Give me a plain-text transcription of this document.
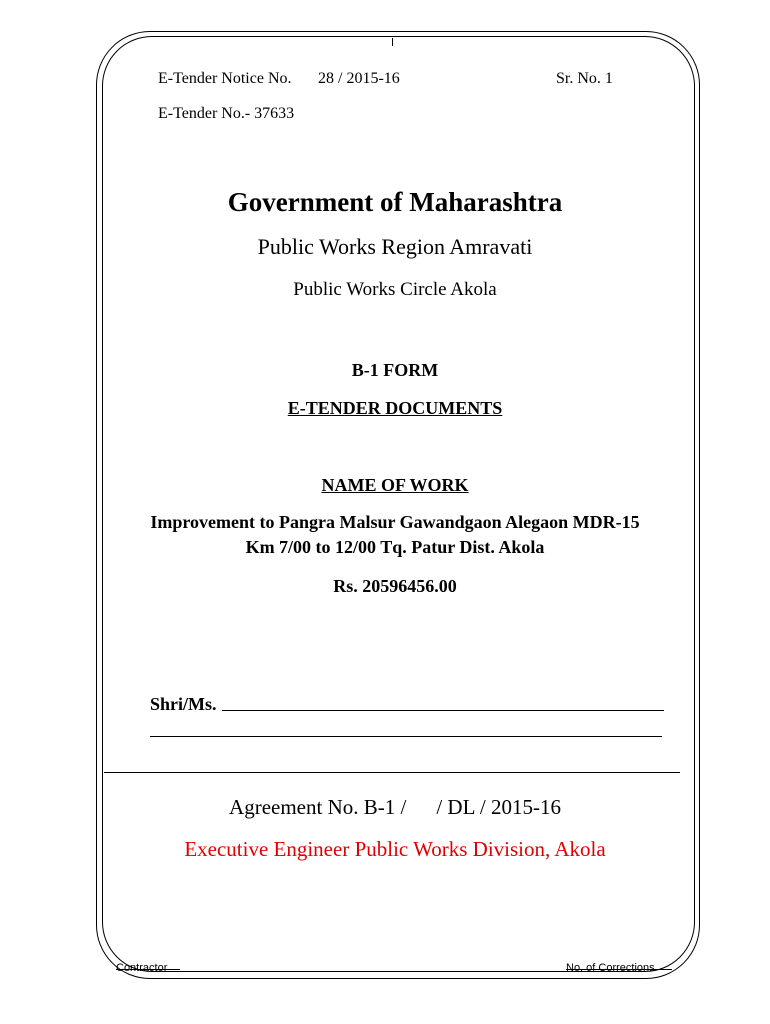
E-Tender Notice No. 28 / 2015-16	Sr. No. 1
E-Tender No.- 37633
Government of Maharashtra
Public Works Region Amravati
Public Works Circle Akola
B-1 FORM
E-TENDER DOCUMENTS
NAME OF WORK
Improvement to Pangra Malsur Gawandgaon Alegaon MDR-15
Km 7/00 to 12/00 Tq. Patur Dist. Akola
Rs. 20596456.00
Shri/Ms.
Agreement No. B-1 / / DL / 2015-16
Executive Engineer Public Works Division, Akola
Contractor	No. of Corrections
